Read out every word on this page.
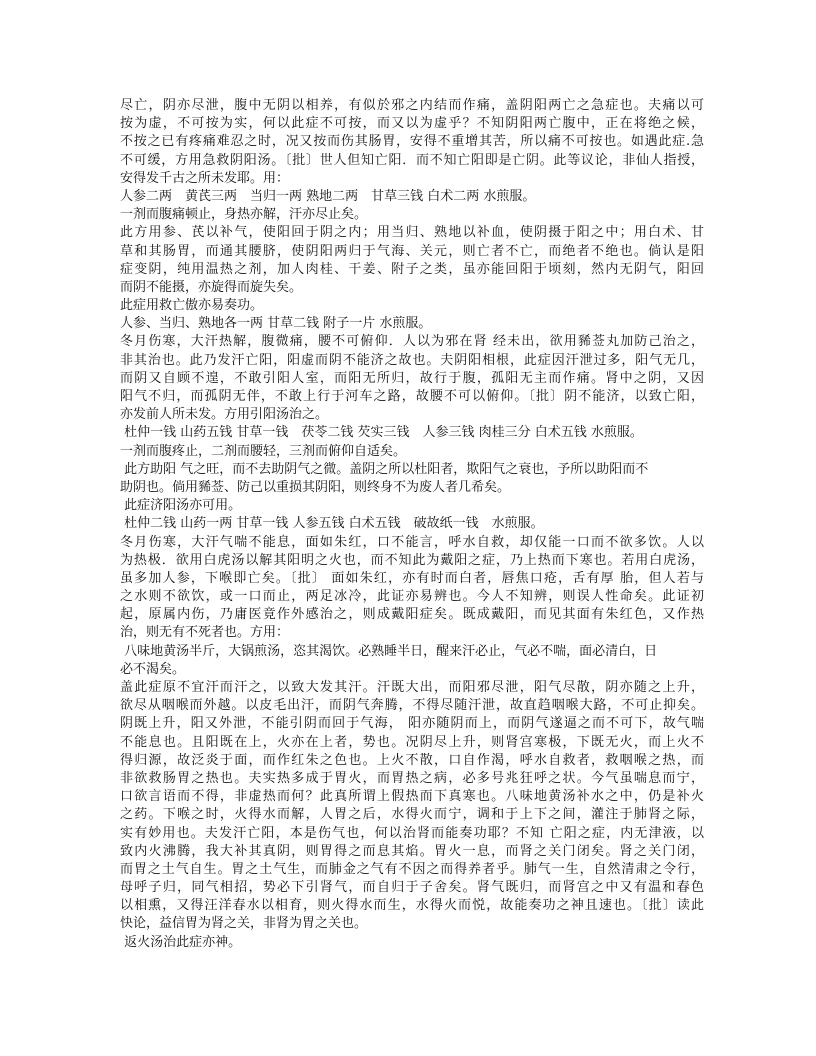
尽亡，阴亦尽泄，腹中无阴以相养，有似於邪之内结而作痛，盖阴阳两亡之急症也。夫痛以可
按为虚，不可按为实，何以此症不可按，而又以为虚乎？不知阴阳两亡腹中，正在将绝之候，
不按之已有疼痛难忍之时，况又按而伤其肠胃，安得不重增其苦，所以痛不可按也。如遇此症.急
不可缓，方用急救阴阳汤。〔批〕世人但知亡阳．而不知亡阳即是亡阴。此等议论，非仙人指授，
安得发千古之所未发耶。用：
人参二两　黄芪三两　当归一两 熟地二两　甘草三钱 白术二两 水煎服。
一剂而腹痛顿止，身热亦解，汗亦尽止矣。
此方用参、芪以补气，使阳回于阴之内；用当归、熟地以补血，使阴摄于阳之中；用白术、甘
草和其肠胃，而通其腰脐，使阴阳两归于气海、关元，则亡者不亡，而绝者不绝也。倘认是阳
症变阴，纯用温热之剂，加人肉桂、干姜、附子之类，虽亦能回阳于顷刻，然内无阴气，阳回
而阴不能摄，亦旋得而旋失矣。
此症用救亡傲亦易奏功。
人参、当归、熟地各一两 甘草二钱 附子一片 水煎服。
冬月伤寒，大汗热解，腹微痛，腰不可俯仰．人以为邪在肾 经未出，欲用豨莶丸加防己治之，
非其治也。此乃发汗亡阳，阳虚而阴不能济之故也。夫阴阳相根，此症因汗泄过多，阳气无几，
而阴又自顾不遑，不敢引阳人室，而阳无所归，故行于腹，孤阳无主而作痛。肾中之阴，又因
阳气不归，而孤阴无伴，不敢上行于河车之路，故腰不可以俯仰。〔批〕阴不能济，以致亡阳，
亦发前人所未发。方用引阳汤治之。
杜仲一钱 山药五钱 甘草一钱　茯苓二钱 芡实三钱　人参三钱 肉桂三分 白术五钱 水煎服。
一剂而腹疼止，二剂而腰轻，三剂而俯仰自适矣。
此方助阳 气之旺，而不去助阴气之微。盖阴之所以杜阳者，欺阳气之衰也，予所以助阳而不
助阴也。倘用豨莶、防己以重损其阴阳，则终身不为废人者几希矣。
此症济阳汤亦可用。
杜仲二钱 山药一两 甘草一钱 人参五钱 白术五钱　破故纸一钱　水煎服。
冬月伤寒，大汗气喘不能息，面如朱红，口不能言，呼水自救，却仅能一口而不欲多饮。人以
为热极．欲用白虎汤以解其阳明之火也，而不知此为戴阳之症，乃上热而下寒也。若用白虎汤，
虽多加人参，下喉即亡矣。〔批〕 面如朱红，亦有时而白者，唇焦口疮，舌有厚 胎，但人若与
之水则不欲饮，或一口而止，两足冰冷，此证亦易辨也。今人不知辨，则误人性命矣。此证初
起，原属内伤，乃庸医竟作外感治之，则成戴阳症矣。既成戴阳，而见其面有朱红色，又作热
治，则无有不死者也。方用：
八味地黄汤半斤，大锅煎汤，恣其渴饮。必熟睡半日，醒来汗必止，气必不喘，面必清白，日
必不渴矣。
盖此症原不宜汗而汗之，以致大发其汗。汗既大出，而阳邪尽泄，阳气尽散，阴亦随之上升，
欲尽从咽喉而外越。以皮毛出汗，而阴气奔腾，不得尽随汗泄，故直趋咽喉大路，不可止抑矣。
阴既上升，阳又外泄，不能引阴而回于气海， 阳亦随阴而上，而阴气遂逼之而不可下，故气喘
不能息也。且阳既在上，火亦在上者，势也。况阴尽上升，则肾宫寒极，下既无火，而上火不
得归源，故泛炎于面，而作红朱之色也。上火不散，口自作渴，呼水自救者，救咽喉之热，而
非欲救肠胃之热也。夫实热多成于胃火，而胃热之病，必多号兆狂呼之状。今气虽喘息而宁，
口欲言语而不得，非虚热而何？此真所谓上假热而下真寒也。八味地黄汤补水之中，仍是补火
之药。下喉之时，火得水而解，人胃之后，水得火而宁，调和于上下之间，灌注于肺肾之际，
实有妙用也。夫发汗亡阳，本是伤气也，何以治肾而能奏功耶？不知 亡阳之症，内无津液，以
致内火沸腾，我大补其真阴，则胃得之而息其焰。胃火一息，而肾之关门闭矣。肾之关门闭，
而胃之土气自生。胃之土气生，而肺金之气有不因之而得养者乎。肺气一生，自然清肃之令行，
母呼子归，同气相招，势必下引肾气，而自归于子舍矣。肾气既归，而肾宫之中又有温和春色
以相熏，又得汪洋春水以相育，则火得水而生，水得火而悦，故能奏功之神且速也。〔批〕读此
快论，益信胃为肾之关，非肾为胃之关也。
返火汤治此症亦神。
